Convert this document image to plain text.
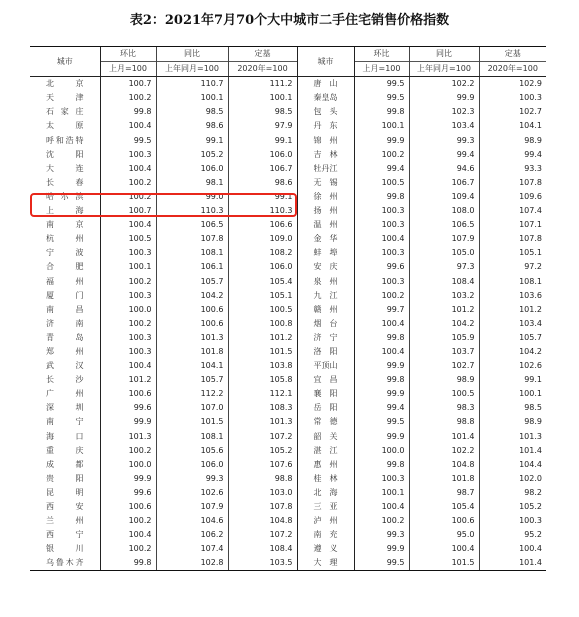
表2：2021年7月70个大中城市二手住宅销售价格指数
城市	环比	同比	定基	城市	环比	同比	定基
	上月=100	上年同月=100	2020年=100		上月=100	上年同月=100	2020年=100
北京	100.7	110.7	111.2	唐山	99.5	102.2	102.9
天津	100.2	100.1	100.1	秦皇岛	99.5	99.9	100.3
石家庄	99.8	98.5	98.5	包头	99.8	102.3	102.7
太原	100.4	98.6	97.9	丹东	100.1	103.4	104.1
呼和浩特	99.5	99.1	99.1	锦州	99.9	99.3	98.9
沈阳	100.3	105.2	106.0	吉林	100.2	99.4	99.4
大连	100.4	106.0	106.7	牡丹江	99.4	94.6	93.3
长春	100.2	98.1	98.6	无锡	100.5	106.7	107.8
哈尔滨	100.2	99.0	99.1	徐州	99.8	109.4	109.6
上海	100.7	110.3	110.3	扬州	100.3	108.0	107.4
南京	100.4	106.5	106.6	温州	100.3	106.5	107.1
杭州	100.5	107.8	109.0	金华	100.4	107.9	107.8
宁波	100.3	108.1	108.2	蚌埠	100.3	105.0	105.1
合肥	100.1	106.1	106.0	安庆	99.6	97.3	97.2
福州	100.2	105.7	105.4	泉州	100.3	108.4	108.1
厦门	100.3	104.2	105.1	九江	100.2	103.2	103.6
南昌	100.0	100.6	100.5	赣州	99.7	101.2	101.2
济南	100.2	100.6	100.8	烟台	100.4	104.2	103.4
青岛	100.3	101.3	101.2	济宁	99.8	105.9	105.7
郑州	100.3	101.8	101.5	洛阳	100.4	103.7	104.2
武汉	100.4	104.1	103.8	平顶山	99.9	102.7	102.6
长沙	101.2	105.7	105.8	宜昌	99.8	98.9	99.1
广州	100.6	112.2	112.1	襄阳	99.9	100.5	100.1
深圳	99.6	107.0	108.3	岳阳	99.4	98.3	98.5
南宁	99.9	101.5	101.3	常德	99.5	98.8	98.9
海口	101.3	108.1	107.2	韶关	99.9	101.4	101.3
重庆	100.2	105.6	105.2	湛江	100.0	102.2	101.4
成都	100.0	106.0	107.6	惠州	99.8	104.8	104.4
贵阳	99.9	99.3	98.8	桂林	100.3	101.8	102.0
昆明	99.6	102.6	103.0	北海	100.1	98.7	98.2
西安	100.6	107.9	107.8	三亚	100.4	105.4	105.2
兰州	100.2	104.6	104.8	泸州	100.2	100.6	100.3
西宁	100.4	106.2	107.2	南充	99.3	95.0	95.2
银川	100.2	107.4	108.4	遵义	99.9	100.4	100.4
乌鲁木齐	99.8	102.8	103.5	大理	99.5	101.5	101.4
